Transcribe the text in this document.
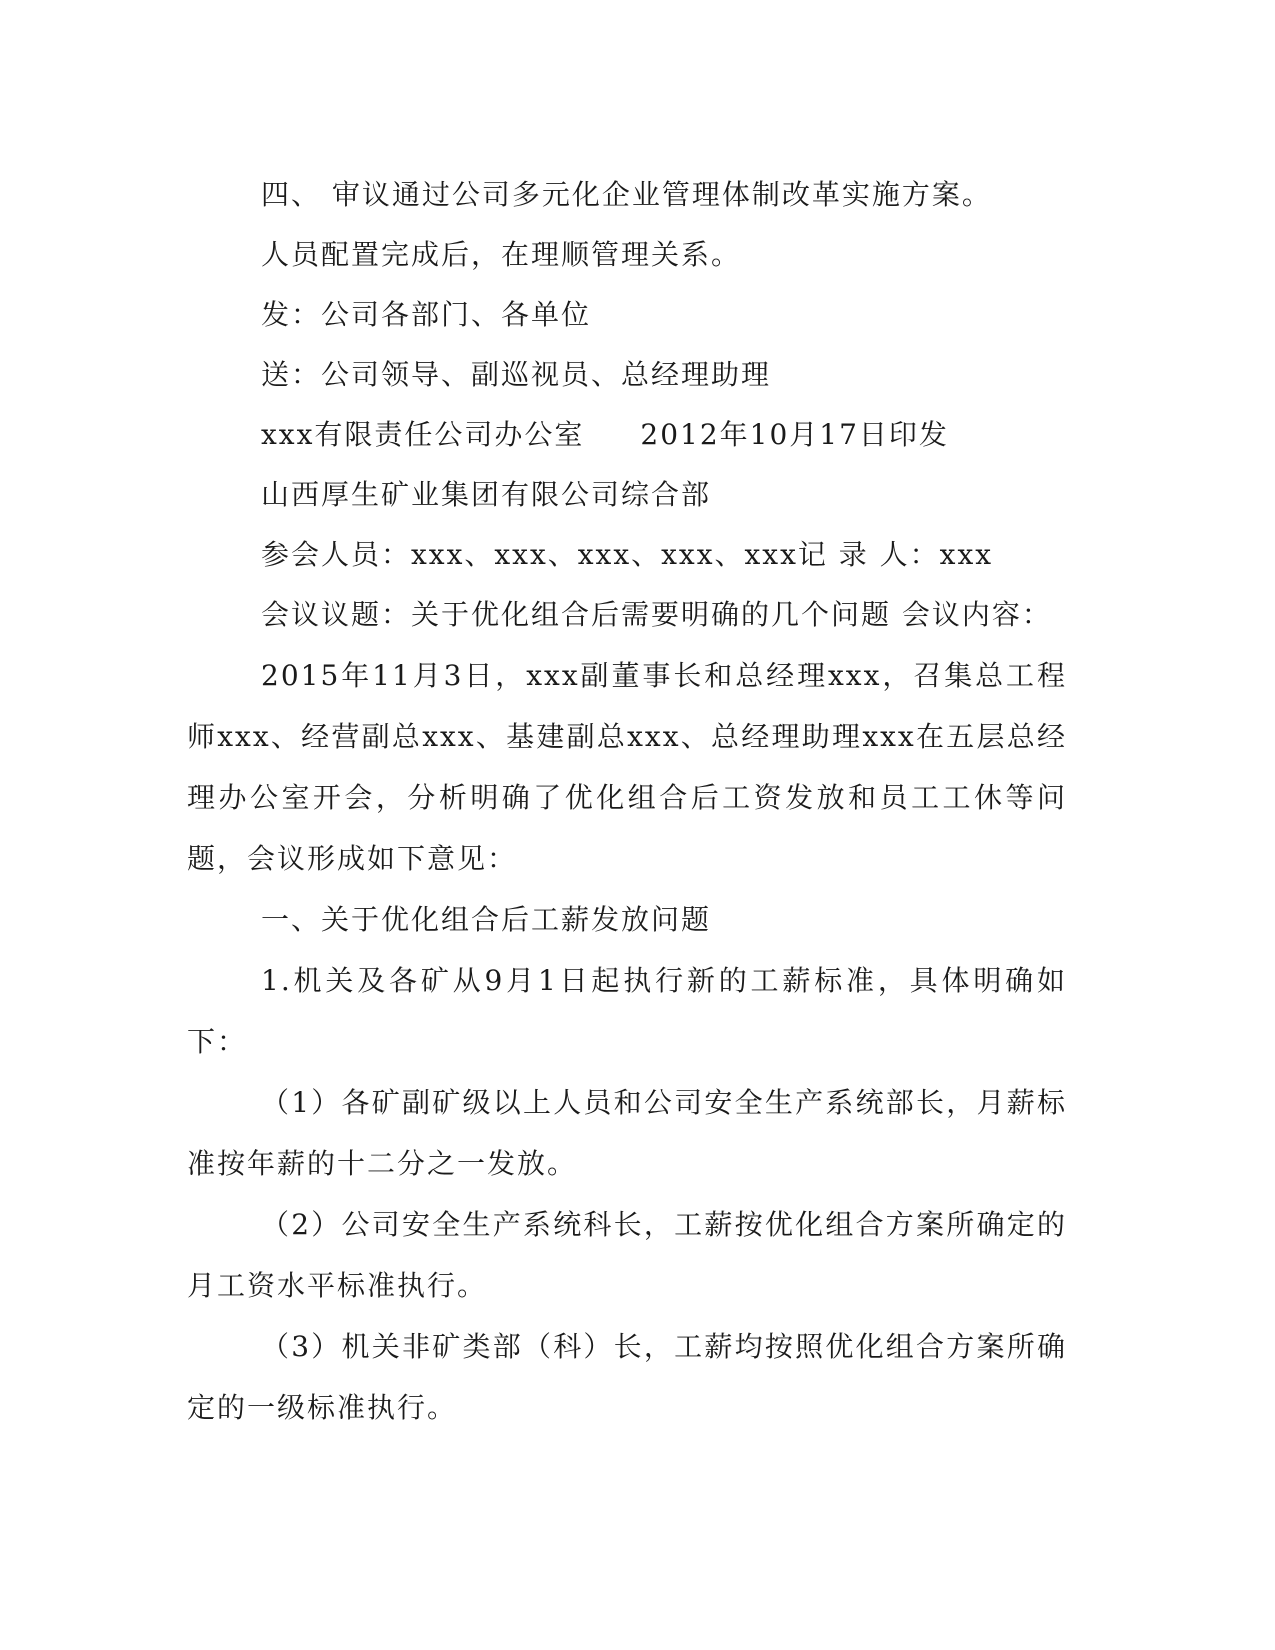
四、 审议通过公司多元化企业管理体制改革实施方案。
人员配置完成后，在理顺管理关系。
发：公司各部门、各单位
送：公司领导、副巡视员、总经理助理
xxx有限责任公司办公室 2012年10月17日印发
山西厚生矿业集团有限公司综合部
参会人员：xxx、xxx、xxx、xxx、xxx记 录 人：xxx
会议议题：关于优化组合后需要明确的几个问题 会议内容：

2015年11月3日，xxx副董事长和总经理xxx，召集总工程师xxx、经营副总xxx、基建副总xxx、总经理助理xxx在五层总经理办公室开会，分析明确了优化组合后工资发放和员工工休等问题，会议形成如下意见：

一、关于优化组合后工薪发放问题

1.机关及各矿从9月1日起执行新的工薪标准，具体明确如下：

（1）各矿副矿级以上人员和公司安全生产系统部长，月薪标准按年薪的十二分之一发放。

（2）公司安全生产系统科长，工薪按优化组合方案所确定的月工资水平标准执行。

（3）机关非矿类部（科）长，工薪均按照优化组合方案所确定的一级标准执行。
